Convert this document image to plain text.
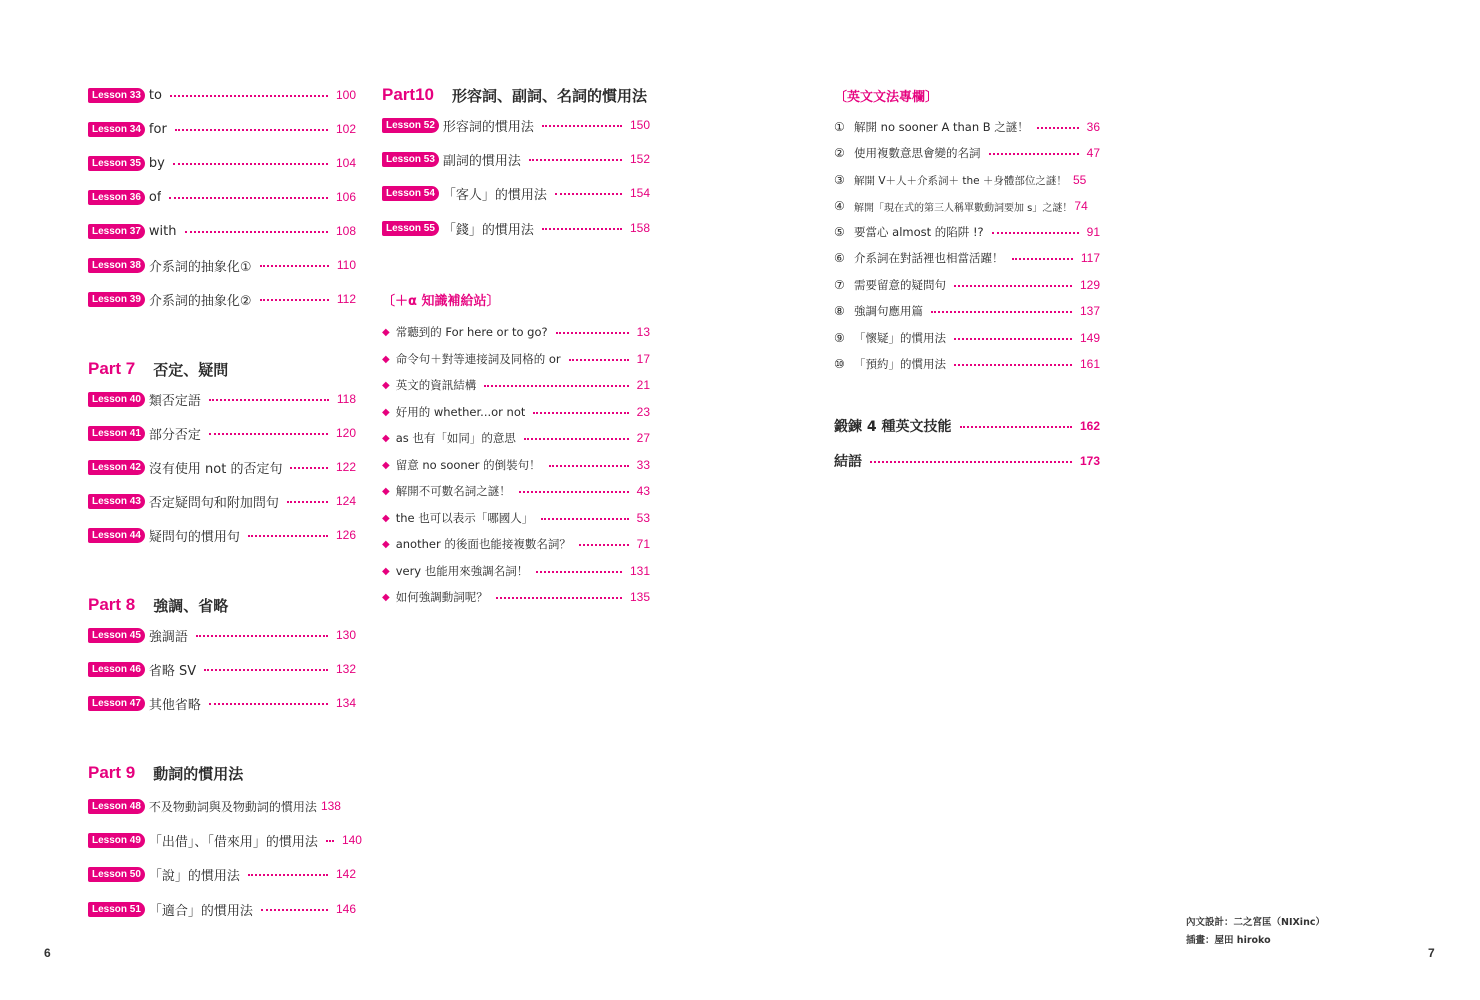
Lesson 33 to	100
Lesson 34 for	102
Lesson 35 by	104
Lesson 36 of	106
Lesson 37 with	108
Lesson 38 介系詞的抽象化①	110
Lesson 39 介系詞的抽象化②	112
Part 7 否定、疑問
Lesson 40 類否定語	118
Lesson 41 部分否定	120
Lesson 42 沒有使用 not 的否定句	122
Lesson 43 否定疑問句和附加問句	124
Lesson 44 疑問句的慣用句	126
Part 8 強調、省略
Lesson 45 強調語	130
Lesson 46 省略 SV	132
Lesson 47 其他省略	134
Part 9 動詞的慣用法
Lesson 48 不及物動詞與及物動詞的慣用法 138
Lesson 49 「出借」、「借來用」的慣用法 140
Lesson 50 「說」的慣用法	142
Lesson 51 「適合」的慣用法	146
Part10 形容詞、副詞、名詞的慣用法
Lesson 52 形容詞的慣用法	150
Lesson 53 副詞的慣用法	152
Lesson 54 「客人」的慣用法	154
Lesson 55 「錢」的慣用法	158
〔＋α 知識補給站〕
◆ 常聽到的 For here or to go?	13
◆ 命令句＋對等連接詞及同格的 or	17
◆ 英文的資訊結構	21
◆ 好用的 whether...or not	23
◆ as 也有「如同」的意思	27
◆ 留意 no sooner 的倒裝句！	33
◆ 解開不可數名詞之謎！	43
◆ the 也可以表示「哪國人」	53
◆ another 的後面也能接複數名詞？	71
◆ very 也能用來強調名詞！	131
◆ 如何強調動詞呢？	135
〔英文文法專欄〕
① 解開 no sooner A than B 之謎！	36
② 使用複數意思會變的名詞	47
③ 解開 V＋人＋介系詞＋ the ＋身體部位之謎！ 55
④ 解開「現在式的第三人稱單數動詞要加 s」之謎！ 74
⑤ 要當心 almost 的陷阱 !?	91
⑥ 介系詞在對話裡也相當活躍！	117
⑦ 需要留意的疑問句	129
⑧ 強調句應用篇	137
⑨ 「懷疑」的慣用法	149
⑩ 「預約」的慣用法	161
鍛鍊 4 種英文技能	162
結語	173
內文設計：二之宮匡（NIXinc）
插畫：屋田 hiroko
6	7
